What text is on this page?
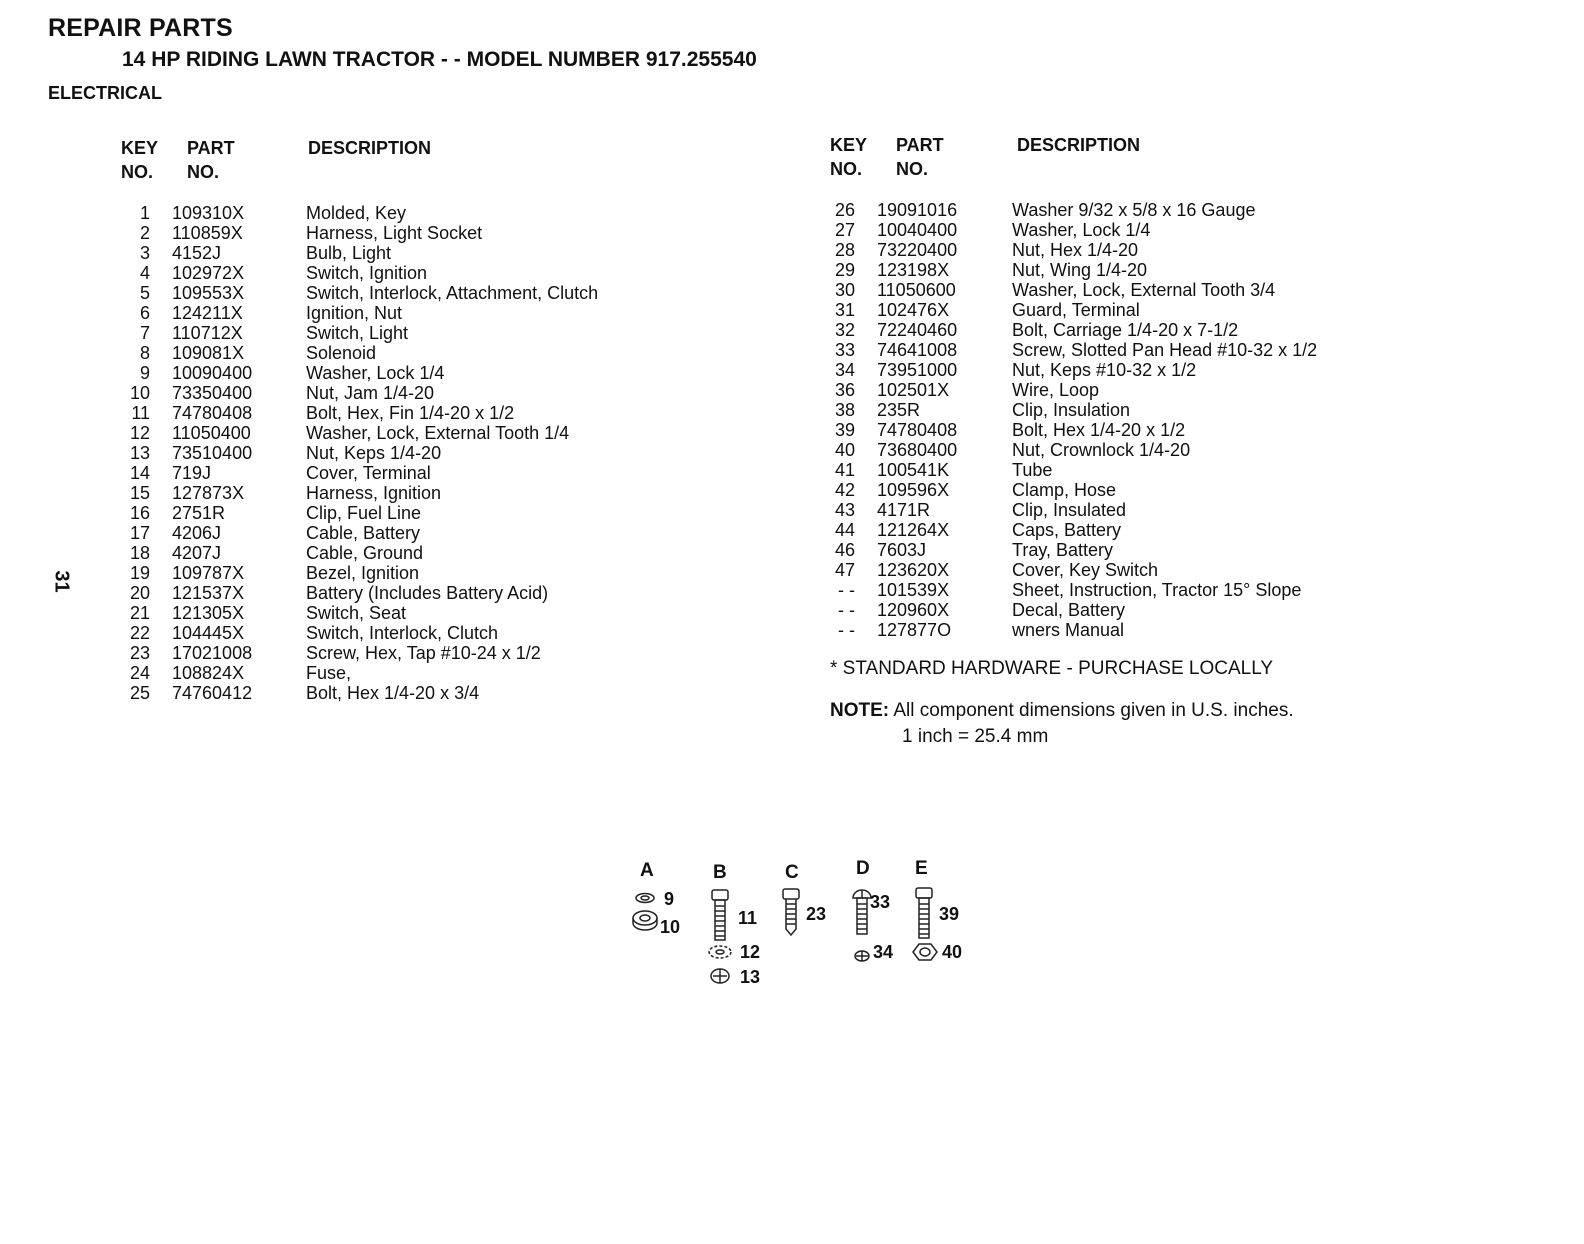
REPAIR PARTS
14 HP RIDING LAWN TRACTOR - - MODEL NUMBER 917.255540
ELECTRICAL
31
KEY
NO.
PART
NO.
DESCRIPTION	KEY
NO.
PART
NO.
DESCRIPTION
1 109310X	Molded, Key
2 110859X	Harness, Light Socket
3 4152J	Bulb, Light
4 102972X	Switch, Ignition
5 109553X	Switch, Interlock, Attachment, Clutch
6 124211X	Ignition, Nut
7 110712X	Switch, Light
8 109081X	Solenoid
9 10090400	Washer, Lock 1/4
10 73350400	Nut, Jam 1/4-20
11 74780408	Bolt, Hex, Fin 1/4-20 x 1/2
12 11050400	Washer, Lock, External Tooth 1/4
13 73510400	Nut, Keps 1/4-20
14 719J	Cover, Terminal
15 127873X	Harness, Ignition
16 2751R	Clip, Fuel Line
17 4206J	Cable, Battery
18 4207J	Cable, Ground
19 109787X	Bezel, Ignition
20 121537X	Battery (Includes Battery Acid)
21 121305X	Switch, Seat
22 104445X	Switch, Interlock, Clutch
23 17021008	Screw, Hex, Tap #10-24 x 1/2
24 108824X	Fuse,
25 74760412	Bolt, Hex 1/4-20 x 3/4
26 19091016	Washer 9/32 x 5/8 x 16 Gauge
27 10040400	Washer, Lock 1/4
28 73220400	Nut, Hex 1/4-20
29 123198X	Nut, Wing 1/4-20
30 11050600	Washer, Lock, External Tooth 3/4
31 102476X	Guard, Terminal
32 72240460	Bolt, Carriage 1/4-20 x 7-1/2
33 74641008	Screw, Slotted Pan Head #10-32 x 1/2
34 73951000	Nut, Keps #10-32 x 1/2
36 102501X	Wire, Loop
38 235R	Clip, Insulation
39 74780408	Bolt, Hex 1/4-20 x 1/2
40 73680400	Nut, Crownlock 1/4-20
41 100541K	Tube
42 109596X	Clamp, Hose
43 4171R	Clip, Insulated
44 121264X	Caps, Battery
46 7603J	Tray, Battery
47 123620X	Cover, Key Switch
- - 101539X	Sheet, Instruction, Tractor 15° Slope
- - 120960X	Decal, Battery
- - 127877O	wners Manual
* STANDARD HARDWARE - PURCHASE LOCALLY
NOTE: All component dimensions given in U.S. inches.
1 inch = 25.4 mm
A	B	C	D E
9
10	11
12
13
23
33
34
39
40
